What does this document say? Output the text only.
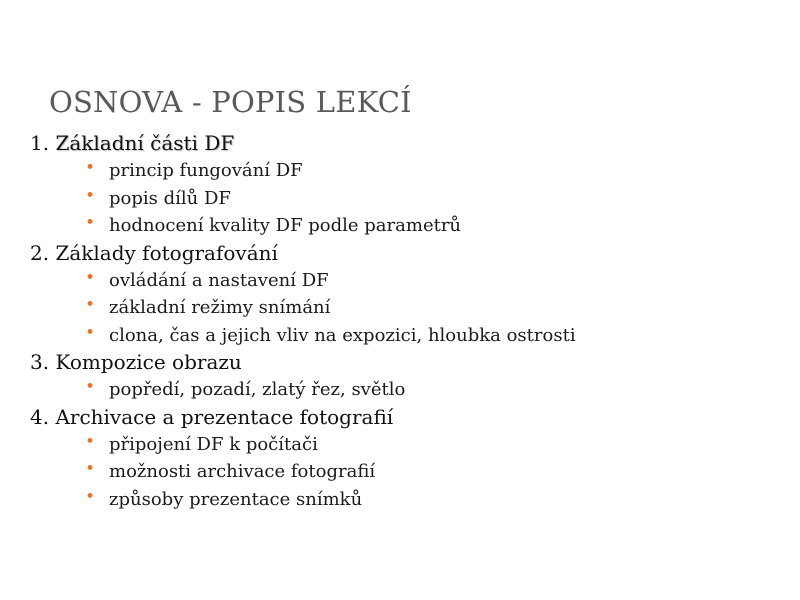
OSNOVA - POPIS LEKCÍ
1. Základní části DF
• princip fungování DF
• popis dílů DF
• hodnocení kvality DF podle parametrů
2. Základy fotografování
• ovládání a nastavení DF
• základní režimy snímání
• clona, čas a jejich vliv na expozici, hloubka ostrosti
3. Kompozice obrazu
• popředí, pozadí, zlatý řez, světlo
4. Archivace a prezentace fotografií
• připojení DF k počítači
• možnosti archivace fotografií
• způsoby prezentace snímků
